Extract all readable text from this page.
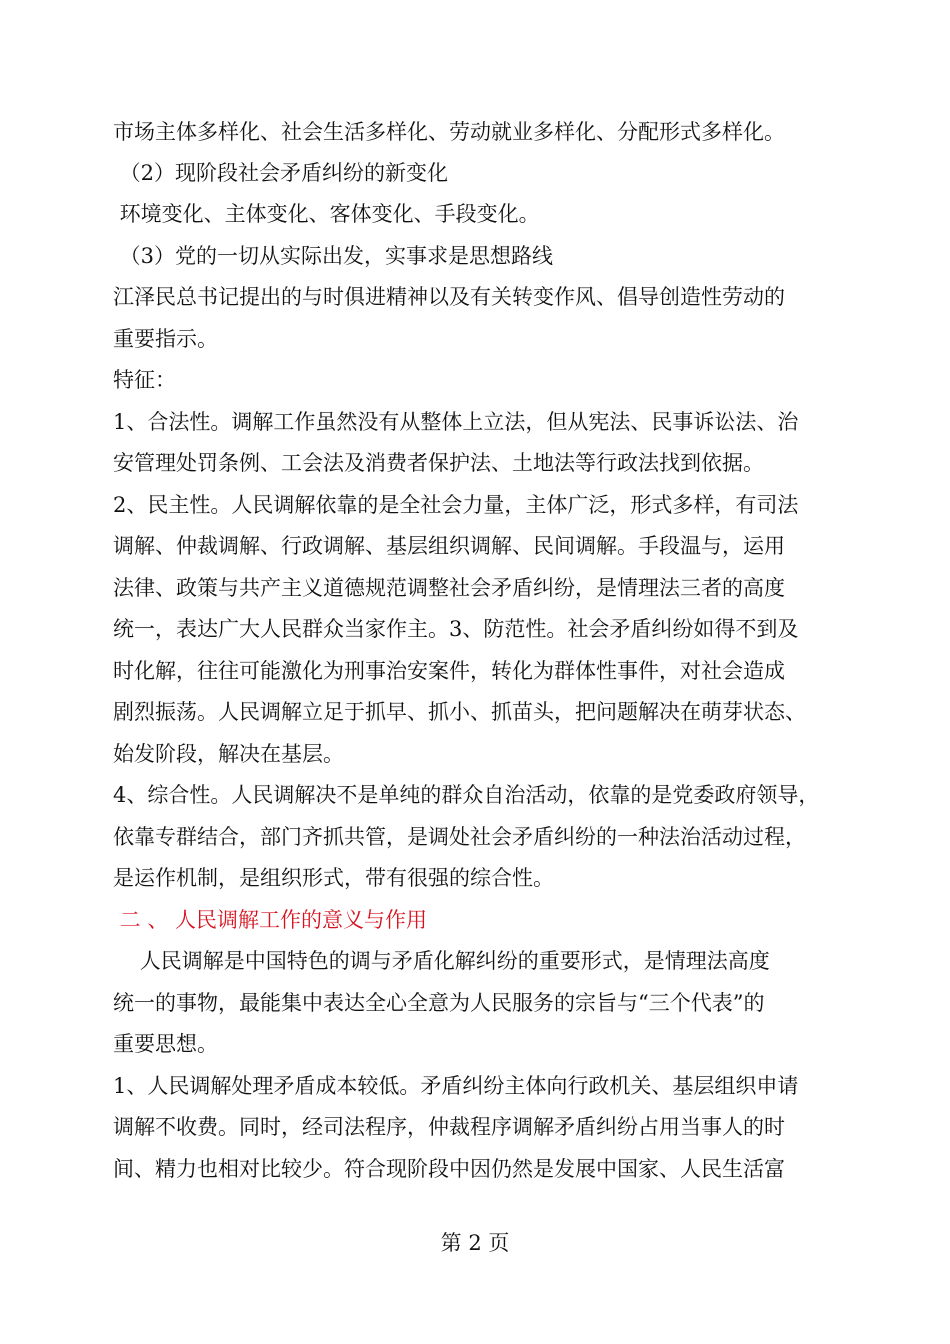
市场主体多样化、社会生活多样化、劳动就业多样化、分配形式多样化。
（2）现阶段社会矛盾纠纷的新变化
环境变化、主体变化、客体变化、手段变化。
（3）党的一切从实际出发，实事求是思想路线
江泽民总书记提出的与时俱进精神以及有关转变作风、倡导创造性劳动的
重要指示。
特征：
1、合法性。调解工作虽然没有从整体上立法，但从宪法、民事诉讼法、治
安管理处罚条例、工会法及消费者保护法、土地法等行政法找到依据。
2、民主性。人民调解依靠的是全社会力量，主体广泛，形式多样，有司法
调解、仲裁调解、行政调解、基层组织调解、民间调解。手段温与，运用
法律、政策与共产主义道德规范调整社会矛盾纠纷，是情理法三者的高度
统一，表达广大人民群众当家作主。3、防范性。社会矛盾纠纷如得不到及
时化解，往往可能激化为刑事治安案件，转化为群体性事件，对社会造成
剧烈振荡。人民调解立足于抓早、抓小、抓苗头，把问题解决在萌芽状态、
始发阶段，解决在基层。
4、综合性。人民调解决不是单纯的群众自治活动，依靠的是党委政府领导，
依靠专群结合，部门齐抓共管，是调处社会矛盾纠纷的一种法治活动过程，
是运作机制，是组织形式，带有很强的综合性。
二 、 人民调解工作的意义与作用
人民调解是中国特色的调与矛盾化解纠纷的重要形式，是情理法高度
统一的事物，最能集中表达全心全意为人民服务的宗旨与“三个代表”的
重要思想。
1、人民调解处理矛盾成本较低。矛盾纠纷主体向行政机关、基层组织申请
调解不收费。同时，经司法程序，仲裁程序调解矛盾纠纷占用当事人的时
间、精力也相对比较少。符合现阶段中因仍然是发展中国家、人民生活富
第 2 页
